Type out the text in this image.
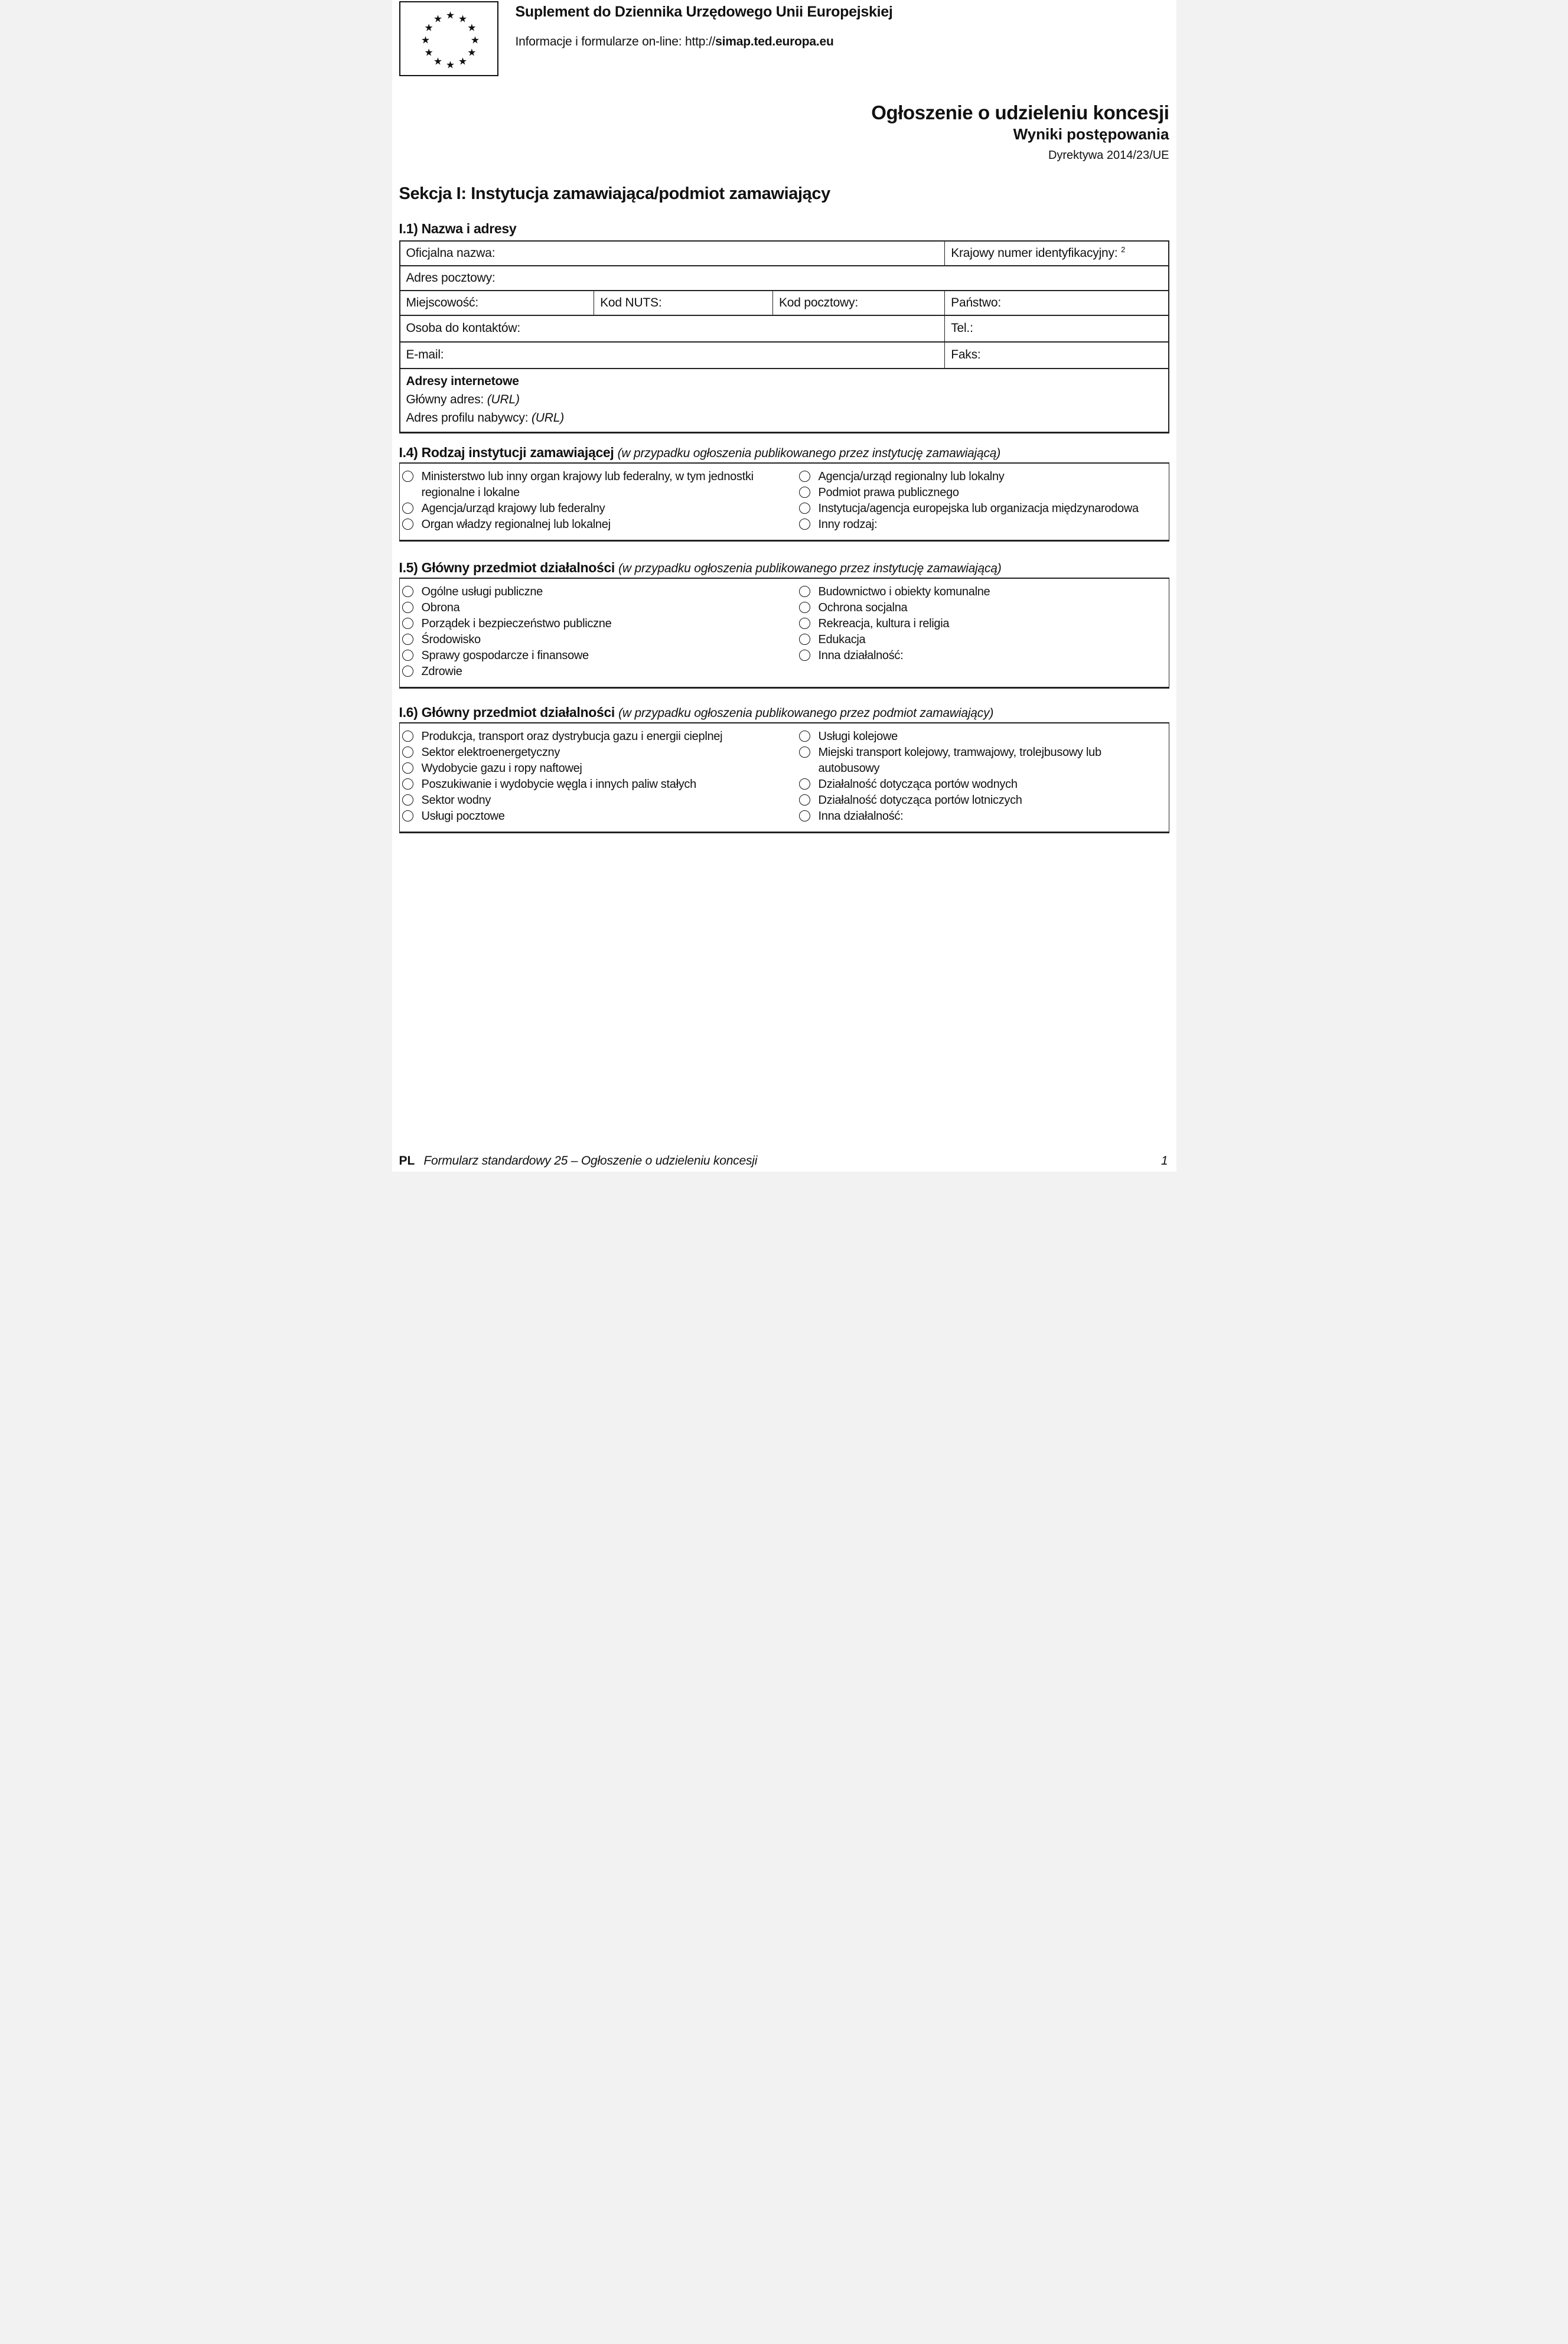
★ ★
★
★
★
★
★
★
★
★
★
★	Suplement do Dziennika Urzędowego Unii Europejskiej
Informacje i formularze on-line: http://simap.ted.europa.eu
Ogłoszenie o udzieleniu koncesji
Wyniki postępowania
Dyrektywa 2014/23/UE
Sekcja I: Instytucja zamawiająca/podmiot zamawiający
I.1) Nazwa i adresy
Oficjalna nazwa:	Krajowy numer identyfikacyjny: $^2$
Adres pocztowy:
Miejscowość:	Kod NUTS:	Kod pocztowy:	Państwo:
Osoba do kontaktów:	Tel.:
E-mail:	Faks:
Adresy internetowe
Główny adres: (URL)
Adres profilu nabywcy: (URL)
I.4) Rodzaj instytucji zamawiającej (w przypadku ogłoszenia publikowanego przez instytucję zamawiającą)
Ministerstwo lub inny organ krajowy lub federalny, w tym jednostki regionalne i lokalne
Agencja/urząd krajowy lub federalny
Organ władzy regionalnej lub lokalnej
Agencja/urząd regionalny lub lokalny
Podmiot prawa publicznego
Instytucja/agencja europejska lub organizacja międzynarodowa
Inny rodzaj:
I.5) Główny przedmiot działalności (w przypadku ogłoszenia publikowanego przez instytucję zamawiającą)
Ogólne usługi publiczne
Obrona
Porządek i bezpieczeństwo publiczne
Środowisko
Sprawy gospodarcze i finansowe
Zdrowie
Budownictwo i obiekty komunalne
Ochrona socjalna
Rekreacja, kultura i religia
Edukacja
Inna działalność:
I.6) Główny przedmiot działalności (w przypadku ogłoszenia publikowanego przez podmiot zamawiający)
Produkcja, transport oraz dystrybucja gazu i energii cieplnej
Sektor elektroenergetyczny
Wydobycie gazu i ropy naftowej
Poszukiwanie i wydobycie węgla i innych paliw stałych
Sektor wodny
Usługi pocztowe
Usługi kolejowe
Miejski transport kolejowy, tramwajowy, trolejbusowy lub autobusowy
Działalność dotycząca portów wodnych
Działalność dotycząca portów lotniczych
Inna działalność:
PL Formularz standardowy 25 – Ogłoszenie o udzieleniu koncesji	1
